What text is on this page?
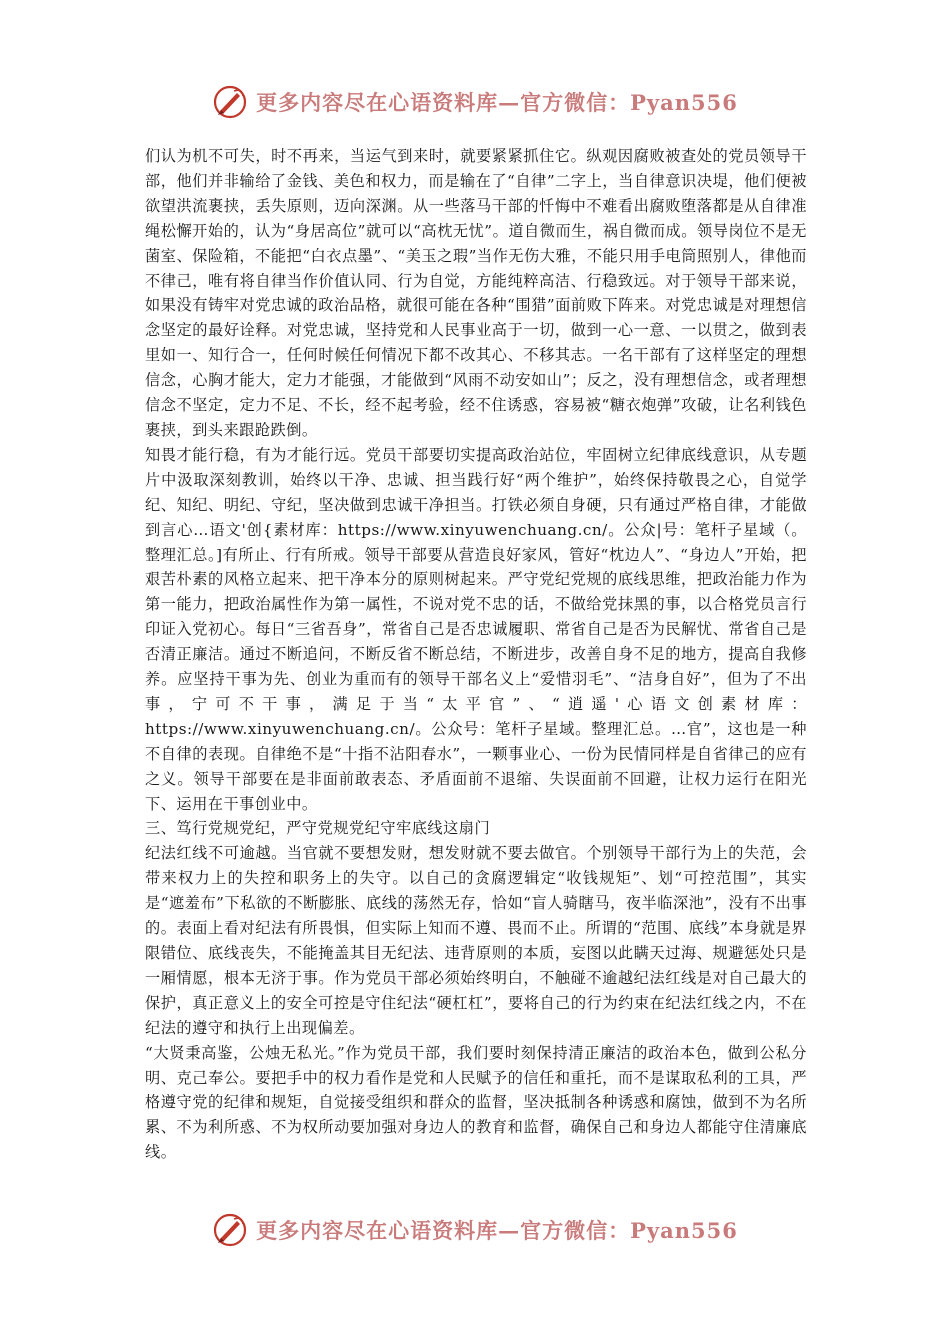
更多内容尽在心语资料库—官方微信：Pyan556

们认为机不可失，时不再来，当运气到来时，就要紧紧抓住它。纵观因腐败被查处的党员领导干部，他们并非输给了金钱、美色和权力，而是输在了“自律”二字上，当自律意识决堤，他们便被欲望洪流裹挟，丢失原则，迈向深渊。从一些落马干部的忏悔中不难看出腐败堕落都是从自律准绳松懈开始的，认为“身居高位”就可以“高枕无忧”。道自微而生，祸自微而成。领导岗位不是无菌室、保险箱，不能把“白衣点墨”、“美玉之瑕”当作无伤大雅，不能只用手电筒照别人，律他而不律己，唯有将自律当作价值认同、行为自觉，方能纯粹高洁、行稳致远。对于领导干部来说，如果没有铸牢对党忠诚的政治品格，就很可能在各种“围猎”面前败下阵来。对党忠诚是对理想信念坚定的最好诠释。对党忠诚，坚持党和人民事业高于一切，做到一心一意、一以贯之，做到表里如一、知行合一，任何时候任何情况下都不改其心、不移其志。一名干部有了这样坚定的理想信念，心胸才能大，定力才能强，才能做到“风雨不动安如山”；反之，没有理想信念，或者理想信念不坚定，定力不足、不长，经不起考验，经不住诱惑，容易被“糖衣炮弹”攻破，让名利钱色裹挟，到头来跟跄跌倒。

知畏才能行稳，有为才能行远。党员干部要切实提高政治站位，牢固树立纪律底线意识，从专题片中汲取深刻教训，始终以干净、忠诚、担当践行好“两个维护”，始终保持敬畏之心，自觉学纪、知纪、明纪、守纪，坚决做到忠诚干净担当。打铁必须自身硬，只有通过严格自律，才能做到言心…语文'创{素材库：https://www.xinyuwenchuang.cn/。公众|号：笔杆子星域（。整理汇总。]有所止、行有所戒。领导干部要从营造良好家风，管好“枕边人”、“身边人”开始，把艰苦朴素的风格立起来、把干净本分的原则树起来。严守党纪党规的底线思维，把政治能力作为第一能力，把政治属性作为第一属性，不说对党不忠的话，不做给党抹黑的事，以合格党员言行印证入党初心。每日“三省吾身”，常省自己是否忠诚履职、常省自己是否为民解忧、常省自己是否清正廉洁。通过不断追问，不断反省不断总结，不断进步，改善自身不足的地方，提高自我修养。应坚持干事为先、创业为重而有的领导干部名义上“爱惜羽毛”、“洁身自好”，但为了不出事，宁可不干事，满足于当“太平官”、“逍遥'心语文创素材库：https://www.xinyuwenchuang.cn/。公众号：笔杆子星域。整理汇总。…官”，这也是一种不自律的表现。自律绝不是“十指不沾阳春水”，一颗事业心、一份为民情同样是自省律己的应有之义。领导干部要在是非面前敢表态、矛盾面前不退缩、失误面前不回避，让权力运行在阳光下、运用在干事创业中。

三、笃行党规党纪，严守党规党纪守牢底线这扇门

纪法红线不可逾越。当官就不要想发财，想发财就不要去做官。个别领导干部行为上的失范，会带来权力上的失控和职务上的失守。以自己的贪腐逻辑定“收钱规矩”、划“可控范围”，其实是“遮羞布”下私欲的不断膨胀、底线的荡然无存，恰如“盲人骑瞎马，夜半临深池”，没有不出事的。表面上看对纪法有所畏惧，但实际上知而不遵、畏而不止。所谓的“范围、底线”本身就是界限错位、底线丧失，不能掩盖其目无纪法、违背原则的本质，妄图以此瞒天过海、规避惩处只是一厢情愿，根本无济于事。作为党员干部必须始终明白，不触碰不逾越纪法红线是对自己最大的保护，真正意义上的安全可控是守住纪法“硬杠杠”，要将自己的行为约束在纪法红线之内，不在纪法的遵守和执行上出现偏差。

“大贤秉高鉴，公烛无私光。”作为党员干部，我们要时刻保持清正廉洁的政治本色，做到公私分明、克己奉公。要把手中的权力看作是党和人民赋予的信任和重托，而不是谋取私利的工具，严格遵守党的纪律和规矩，自觉接受组织和群众的监督，坚决抵制各种诱惑和腐蚀，做到不为名所累、不为利所惑、不为权所动要加强对身边人的教育和监督，确保自己和身边人都能守住清廉底线。

更多内容尽在心语资料库—官方微信：Pyan556
